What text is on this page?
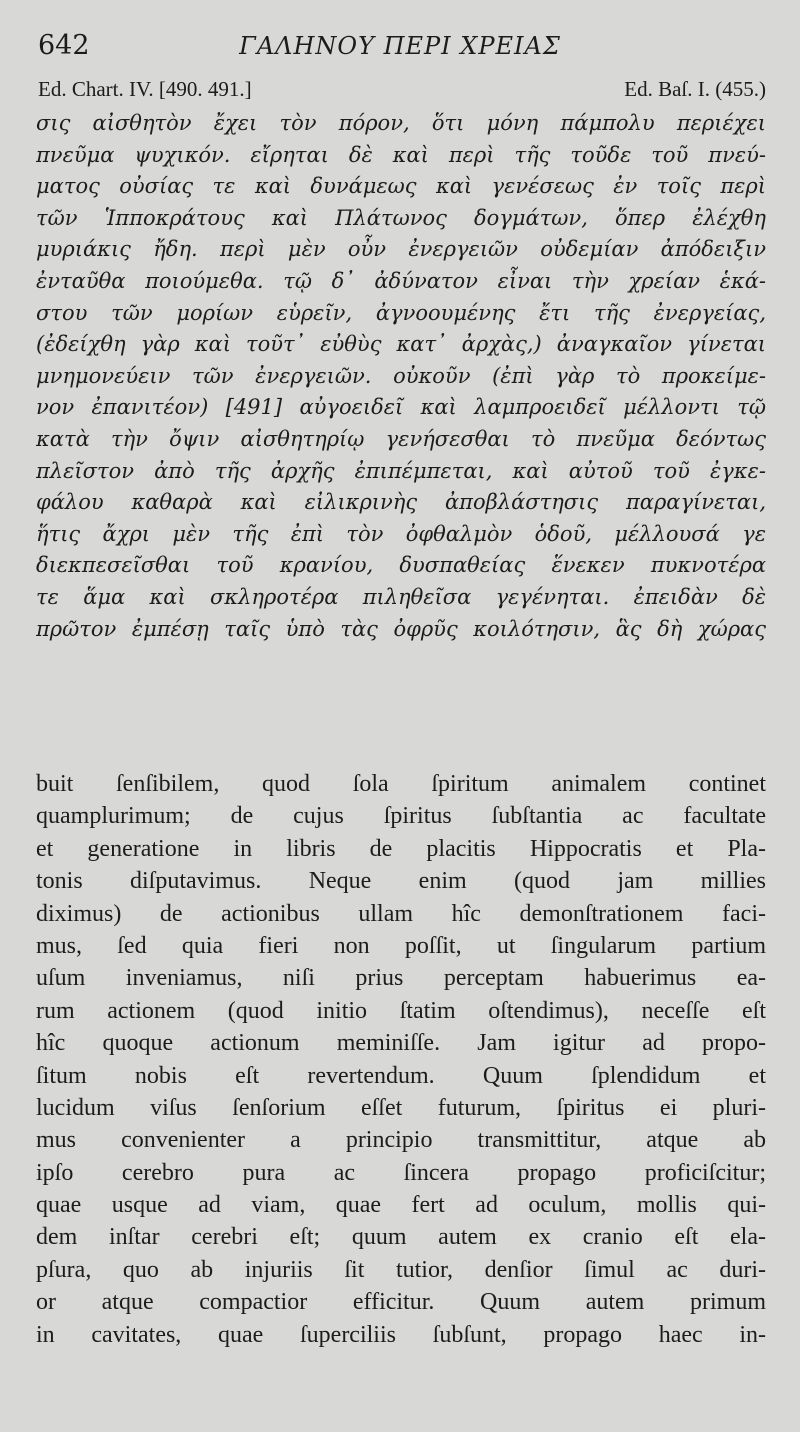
642	ΓΑΛΗΝΟΥ ΠΕΡΙ ΧΡΕΙΑΣ
Ed. Chart. IV. [490. 491.]	Ed. Baſ. I. (455.)
σις αἰσθητὸν ἔχει τὸν πόρον, ὅτι μόνη πάμπολυ περιέχει
πνεῦμα ψυχικόν. εἴρηται δὲ καὶ περὶ τῆς τοῦδε τοῦ πνεύ-
ματος οὐσίας τε καὶ δυνάμεως καὶ γενέσεως ἐν τοῖς περὶ
τῶν Ἱπποκράτους καὶ Πλάτωνος δογμάτων, ὅπερ ἐλέχθη
μυριάκις ἤδη. περὶ μὲν οὖν ἐνεργειῶν οὐδεμίαν ἀπόδειξιν
ἐνταῦθα ποιούμεθα. τῷ δ᾽ ἀδύνατον εἶναι τὴν χρείαν ἑκά-
στου τῶν μορίων εὑρεῖν, ἀγνοουμένης ἔτι τῆς ἐνεργείας,
(ἐδείχθη γὰρ καὶ τοῦτ᾽ εὐθὺς κατ᾽ ἀρχὰς,) ἀναγκαῖον γίνεται
μνημονεύειν τῶν ἐνεργειῶν. οὐκοῦν (ἐπὶ γὰρ τὸ προκείμε-
νον ἐπανιτέον) [491] αὐγοειδεῖ καὶ λαμπροειδεῖ μέλλοντι τῷ
κατὰ τὴν ὄψιν αἰσθητηρίῳ γενήσεσθαι τὸ πνεῦμα δεόντως
πλεῖστον ἀπὸ τῆς ἀρχῆς ἐπιπέμπεται, καὶ αὐτοῦ τοῦ ἐγκε-
φάλου καθαρὰ καὶ εἰλικρινὴς ἀποβλάστησις παραγίνεται,
ἥτις ἄχρι μὲν τῆς ἐπὶ τὸν ὀφθαλμὸν ὁδοῦ, μέλλουσά γε
διεκπεσεῖσθαι τοῦ κρανίου, δυσπαθείας ἕνεκεν πυκνοτέρα
τε ἅμα καὶ σκληροτέρα πιληθεῖσα γεγένηται. ἐπειδὰν δὲ
πρῶτον ἐμπέσῃ ταῖς ὑπὸ τὰς ὀφρῦς κοιλότησιν, ἃς δὴ χώρας
buit ſenſibilem, quod ſola ſpiritum animalem continet
quamplurimum; de cujus ſpiritus ſubſtantia ac facultate
et generatione in libris de placitis Hippocratis et Pla-
tonis diſputavimus. Neque enim (quod jam millies
diximus) de actionibus ullam hîc demonſtrationem faci-
mus, ſed quia fieri non poſſit, ut ſingularum partium
uſum inveniamus, niſi prius perceptam habuerimus ea-
rum actionem (quod initio ſtatim oſtendimus), neceſſe eſt
hîc quoque actionum meminiſſe. Jam igitur ad propo-
ſitum nobis eſt revertendum. Quum ſplendidum et
lucidum viſus ſenſorium eſſet futurum, ſpiritus ei pluri-
mus convenienter a principio transmittitur, atque ab
ipſo cerebro pura ac ſincera propago proficiſcitur;
quae usque ad viam, quae fert ad oculum, mollis qui-
dem inſtar cerebri eſt; quum autem ex cranio eſt ela-
pſura, quo ab injuriis ſit tutior, denſior ſimul ac duri-
or atque compactior efficitur. Quum autem primum
in cavitates, quae ſuperciliis ſubſunt, propago haec in-
